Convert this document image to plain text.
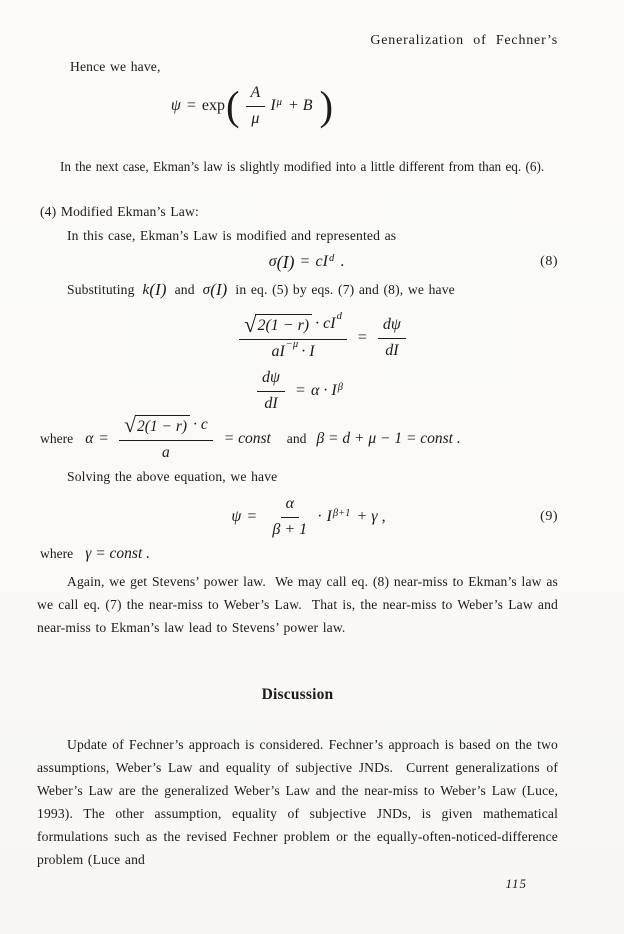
Generalization of Fechner’s
Hence we have,
ψ = exp ( $\frac{A}{\mu}$ I μ + B )
In the next case, Ekman’s law is slightly modified into a little different from than eq. (6).
(4) Modified Ekman’s Law:
In this case, Ekman’s Law is modified and represented as
σ (I) = cI d .	(8)
Substituting k (I) and σ (I) in eq. (5) by eqs. (7) and (8), we have
$\frac{\text{√ 2(1 − r) · cI d}}{aI -\mu \cdot I} = \frac{d\psi}{dI}$
$\frac{d\psi}{dI} = \alpha \cdot I$ β
where $\alpha = \frac{√ 2(1 - r) \cdot c}{a}$ = const and β = d + μ − 1 = const .
Solving the above equation, we have
$\psi = \frac{\alpha}{\beta + 1} \cdot I$ β+1 + γ ,	(9)
where γ = const .
Again, we get Stevens’ power law.  We may call eq. (8) near-miss to Ekman’s law as we call eq. (7) the near-miss to Weber’s Law.  That is, the near-miss to Weber’s Law and near-miss to Ekman’s law lead to Stevens’ power law.
Discussion
Update of Fechner’s approach is considered. Fechner’s approach is based on the two assumptions, Weber’s Law and equality of subjective JNDs.  Current generalizations of Weber’s Law are the generalized Weber’s Law and the near-miss to Weber’s Law (Luce, 1993). The other assumption, equality of subjective JNDs, is given mathematical formulations such as the revised Fechner problem or the equally-often-noticed-difference problem (Luce and
115
